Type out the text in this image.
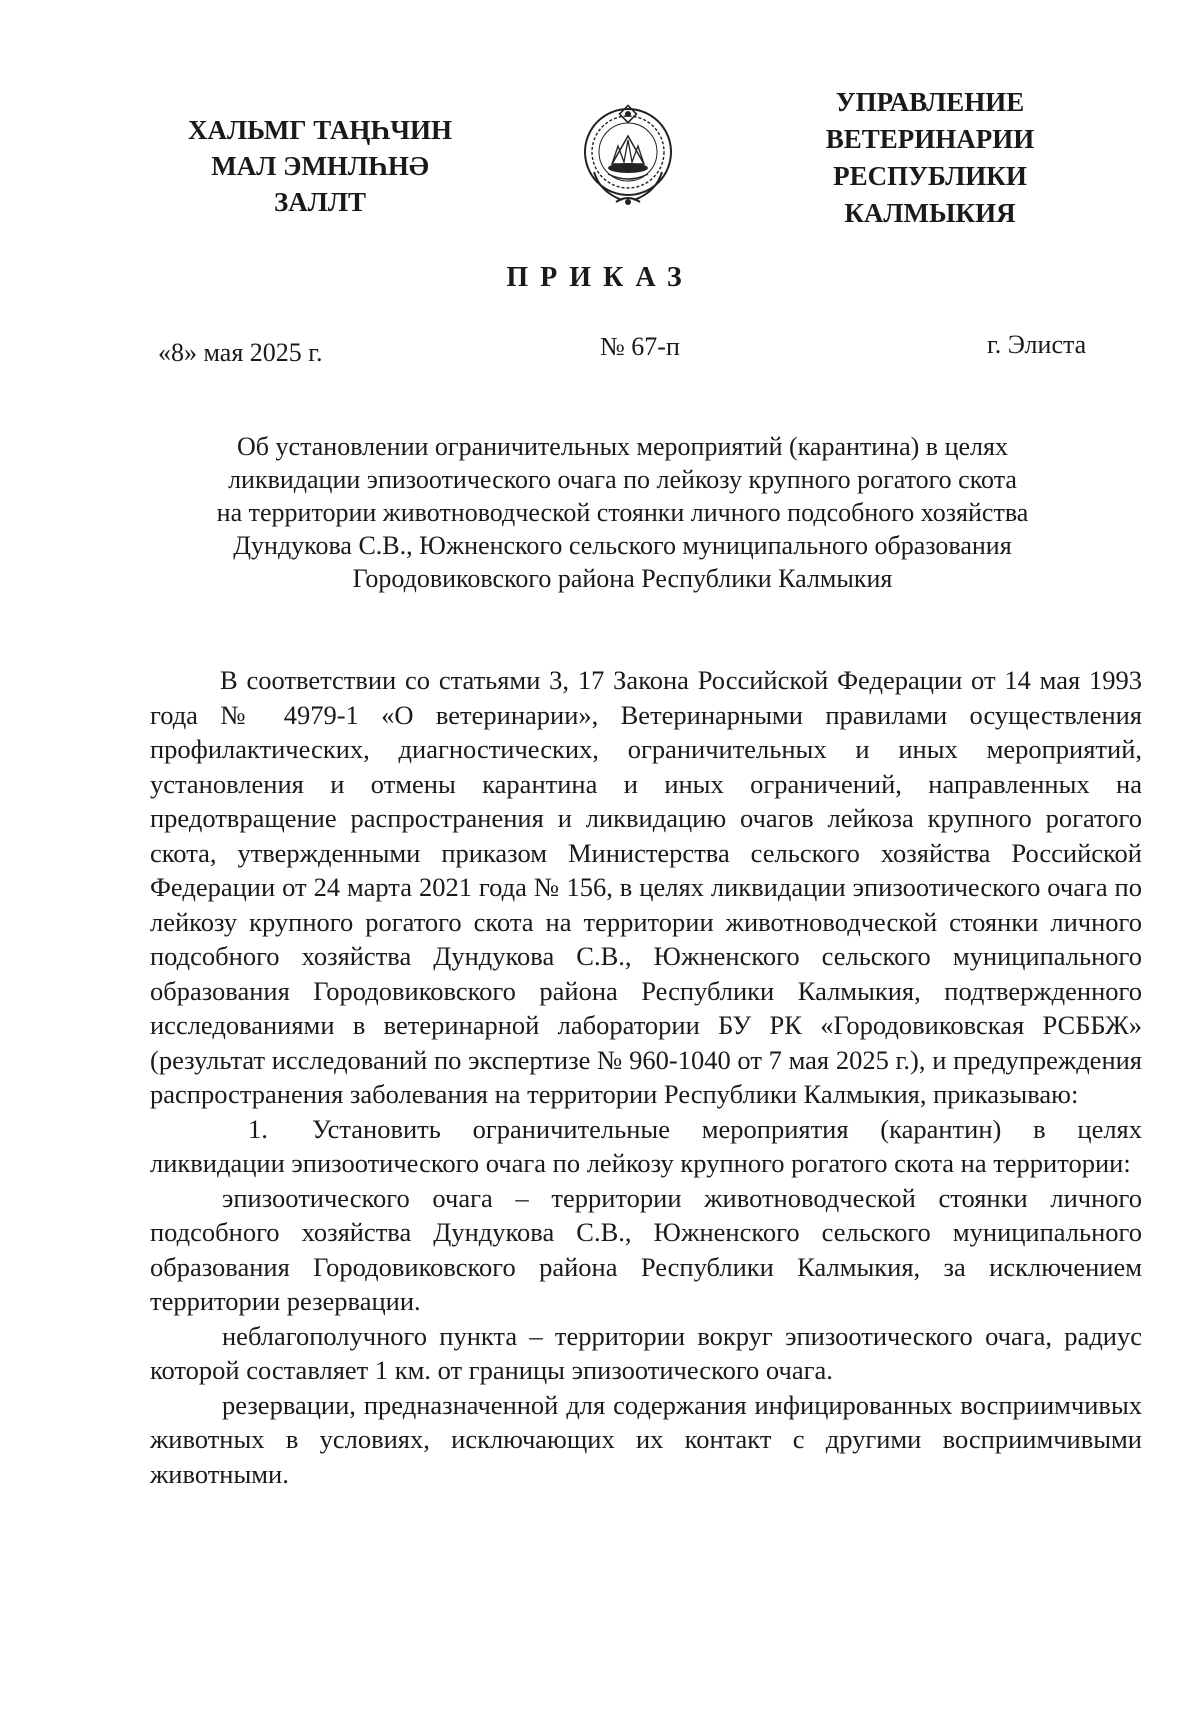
ХАЛЬМГ ТАҢҺЧИН
МАЛ ЭМНЛҺНӘ
ЗАЛЛТ
УПРАВЛЕНИЕ
ВЕТЕРИНАРИИ
РЕСПУБЛИКИ
КАЛМЫКИЯ
ПРИКАЗ
«8» мая 2025 г.	№ 67-п	г. Элиста
Об установлении ограничительных мероприятий (карантина) в целях
ликвидации эпизоотического очага по лейкозу крупного рогатого скота
на территории животноводческой стоянки личного подсобного хозяйства
Дундукова С.В., Южненского сельского муниципального образования
Городовиковского района Республики Калмыкия

В соответствии со статьями 3, 17 Закона Российской Федерации от 14 мая 1993 года № 4979-1 «О ветеринарии», Ветеринарными правилами осуществления профилактических, диагностических, ограничительных и иных мероприятий, установления и отмены карантина и иных ограничений, направленных на предотвращение распространения и ликвидацию очагов лейкоза крупного рогатого скота, утвержденными приказом Министерства сельского хозяйства Российской Федерации от 24 марта 2021 года № 156, в целях ликвидации эпизоотического очага по лейкозу крупного рогатого скота на территории животноводческой стоянки личного подсобного хозяйства Дундукова С.В., Южненского сельского муниципального образования Городовиковского района Республики Калмыкия, подтвержденного исследованиями в ветеринарной лаборатории БУ РК «Городовиковская РСББЖ» (результат исследований по экспертизе № 960-1040 от 7 мая 2025 г.), и предупреждения распространения заболевания на территории Республики Калмыкия, приказываю:

1. Установить ограничительные мероприятия (карантин) в целях ликвидации эпизоотического очага по лейкозу крупного рогатого скота на территории:

эпизоотического очага – территории животноводческой стоянки личного подсобного хозяйства Дундукова С.В., Южненского сельского муниципального образования Городовиковского района Республики Калмыкия, за исключением территории резервации.

неблагополучного пункта – территории вокруг эпизоотического очага, радиус которой составляет 1 км. от границы эпизоотического очага.

резервации, предназначенной для содержания инфицированных восприимчивых животных в условиях, исключающих их контакт с другими восприимчивыми животными.
